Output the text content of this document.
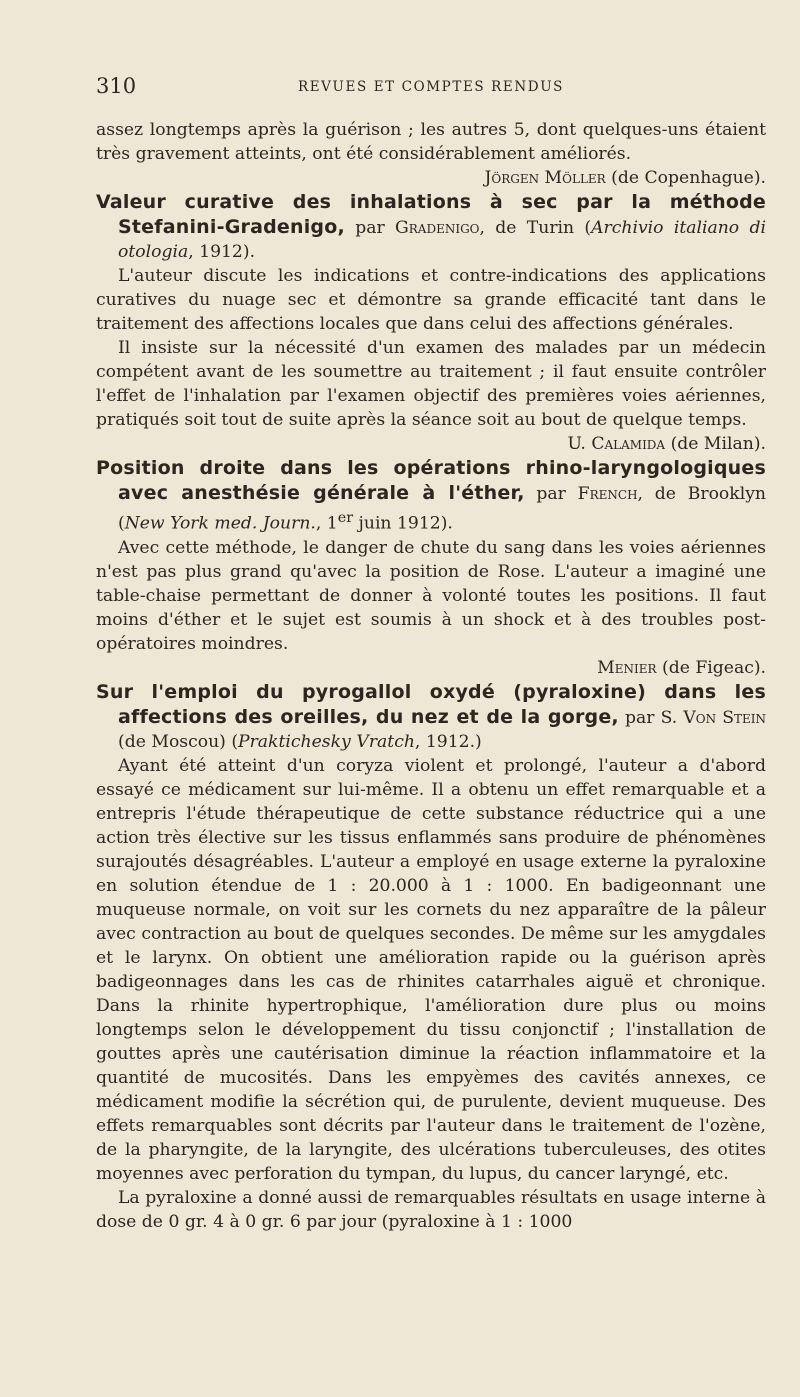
310	REVUES ET COMPTES RENDUS

assez longtemps après la guérison ; les autres 5, dont quelques-uns étaient très gravement atteints, ont été considérablement améliorés.

Jörgen Möller (de Copenhague).

Valeur curative des inhalations à sec par la méthode Stefanini-Gradenigo, par Gradenigo, de Turin (Archivio italiano di otologia, 1912).

L'auteur discute les indications et contre-indications des applications curatives du nuage sec et démontre sa grande efficacité tant dans le traitement des affections locales que dans celui des affections générales.

Il insiste sur la nécessité d'un examen des malades par un médecin compétent avant de les soumettre au traitement ; il faut ensuite contrôler l'effet de l'inhalation par l'examen objectif des premières voies aériennes, pratiqués soit tout de suite après la séance soit au bout de quelque temps.

U. Calamida (de Milan).

Position droite dans les opérations rhino-laryngologiques avec anesthésie générale à l'éther, par French, de Brooklyn (New York med. Journ., 1er juin 1912).

Avec cette méthode, le danger de chute du sang dans les voies aériennes n'est pas plus grand qu'avec la position de Rose. L'auteur a imaginé une table-chaise permettant de donner à volonté toutes les positions. Il faut moins d'éther et le sujet est soumis à un shock et à des troubles post-opératoires moindres.

Menier (de Figeac).

Sur l'emploi du pyrogallol oxydé (pyraloxine) dans les affections des oreilles, du nez et de la gorge, par S. Von Stein (de Moscou) (Prakticheskу Vratch, 1912.)

Ayant été atteint d'un coryza violent et prolongé, l'auteur a d'abord essayé ce médicament sur lui-même. Il a obtenu un effet remarquable et a entrepris l'étude thérapeutique de cette substance réductrice qui a une action très élective sur les tissus enflammés sans produire de phénomènes surajoutés désagréables. L'auteur a employé en usage externe la pyraloxine en solution étendue de 1 : 20.000 à 1 : 1000. En badigeonnant une muqueuse normale, on voit sur les cornets du nez apparaître de la pâleur avec contraction au bout de quelques secondes. De même sur les amygdales et le larynx. On obtient une amélioration rapide ou la guérison après badigeonnages dans les cas de rhinites catarrhales aiguë et chronique. Dans la rhinite hypertrophique, l'amélioration dure plus ou moins longtemps selon le développement du tissu conjonctif ; l'installation de gouttes après une cautérisation diminue la réaction inflammatoire et la quantité de mucosités. Dans les empyèmes des cavités annexes, ce médicament modifie la sécrétion qui, de purulente, devient muqueuse. Des effets remarquables sont décrits par l'auteur dans le traitement de l'ozène, de la pharyngite, de la laryngite, des ulcérations tuberculeuses, des otites moyennes avec perforation du tympan, du lupus, du cancer laryngé, etc.

La pyraloxine a donné aussi de remarquables résultats en usage interne à dose de 0 gr. 4 à 0 gr. 6 par jour (pyraloxine à 1 : 1000
